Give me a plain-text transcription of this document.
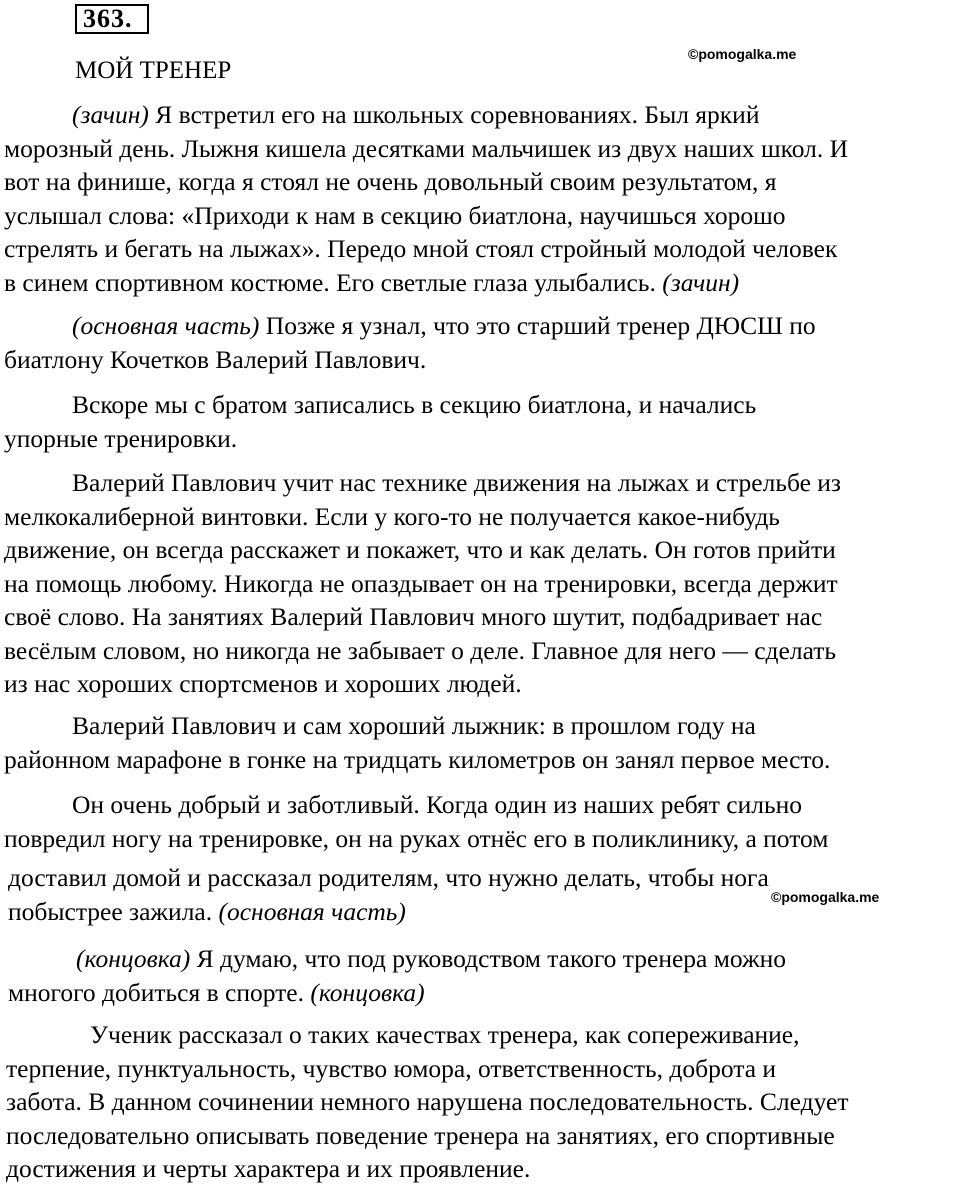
363.
©pomogalka.me
МОЙ ТРЕНЕР
(зачин) Я встретил его на школьных соревнованиях. Был яркий
морозный день. Лыжня кишела десятками мальчишек из двух наших школ. И
вот на финише, когда я стоял не очень довольный своим результатом, я
услышал слова: «Приходи к нам в секцию биатлона, научишься хорошо
стрелять и бегать на лыжах». Передо мной стоял стройный молодой человек
в синем спортивном костюме. Его светлые глаза улыбались. (зачин)
(основная часть) Позже я узнал, что это старший тренер ДЮСШ по
биатлону Кочетков Валерий Павлович.
Вскоре мы с братом записались в секцию биатлона, и начались
упорные тренировки.
Валерий Павлович учит нас технике движения на лыжах и стрельбе из
мелкокалиберной винтовки. Если у кого-то не получается какое-нибудь
движение, он всегда расскажет и покажет, что и как делать. Он готов прийти
на помощь любому. Никогда не опаздывает он на тренировки, всегда держит
своё слово. На занятиях Валерий Павлович много шутит, подбадривает нас
весёлым словом, но никогда не забывает о деле. Главное для него — сделать
из нас хороших спортсменов и хороших людей.
Валерий Павлович и сам хороший лыжник: в прошлом году на
районном марафоне в гонке на тридцать километров он занял первое место.
Он очень добрый и заботливый. Когда один из наших ребят сильно
повредил ногу на тренировке, он на руках отнёс его в поликлинику, а потом
доставил домой и рассказал родителям, что нужно делать, чтобы нога
побыстрее зажила. (основная часть)	©pomogalka.me
(концовка) Я думаю, что под руководством такого тренера можно
многого добиться в спорте. (концовка)
Ученик рассказал о таких качествах тренера, как сопереживание,
терпение, пунктуальность, чувство юмора, ответственность, доброта и
забота. В данном сочинении немного нарушена последовательность. Следует
последовательно описывать поведение тренера на занятиях, его спортивные
достижения и черты характера и их проявление.
